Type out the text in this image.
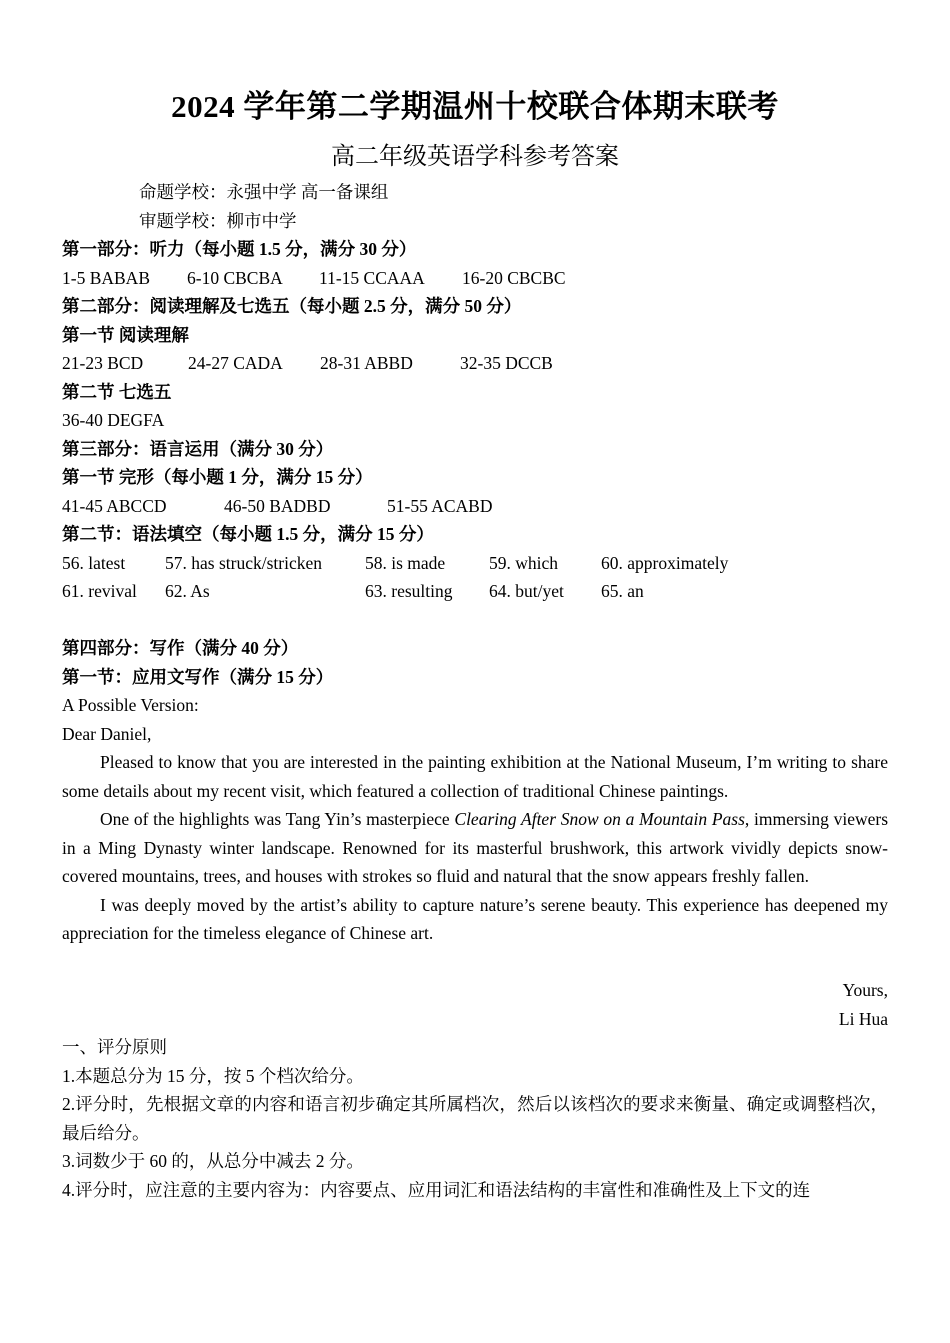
2024 学年第二学期温州十校联合体期末联考
高二年级英语学科参考答案
命题学校：永强中学 高一备课组
审题学校：柳市中学
第一部分：听力（每小题 1.5 分，满分 30 分）
1-5 BABAB	6-10 CBCBA	11-15 CCAAA	16-20 CBCBC
第二部分：阅读理解及七选五（每小题 2.5 分，满分 50 分）
第一节 阅读理解
21-23 BCD	24-27 CADA	28-31 ABBD	32-35 DCCB
第二节 七选五
36-40 DEGFA
第三部分：语言运用（满分 30 分）
第一节 完形（每小题 1 分，满分 15 分）
41-45 ABCCD	46-50 BADBD	51-55 ACABD
第二节：语法填空（每小题 1.5 分，满分 15 分）
56. latest	57. has struck/stricken	58. is made	59. which	60. approximately
61. revival	62. As	63. resulting	64. but/yet	65. an
第四部分：写作（满分 40 分）
第一节：应用文写作（满分 15 分）
A Possible Version:
Dear Daniel,

Pleased to know that you are interested in the painting exhibition at the National Museum, I’m writing to share some details about my recent visit, which featured a collection of traditional Chinese paintings.

One of the highlights was Tang Yin’s masterpiece Clearing After Snow on a Mountain Pass, immersing viewers in a Ming Dynasty winter landscape. Renowned for its masterful brushwork, this artwork vividly depicts snow-covered mountains, trees, and houses with strokes so fluid and natural that the snow appears freshly fallen.

I was deeply moved by the artist’s ability to capture nature’s serene beauty. This experience has deepened my appreciation for the timeless elegance of Chinese art.

Yours,
Li Hua
一、评分原则

1.本题总分为 15 分，按 5 个档次给分。

2.评分时，先根据文章的内容和语言初步确定其所属档次，然后以该档次的要求来衡量、确定或调整档次，最后给分。

3.词数少于 60 的，从总分中减去 2 分。

4.评分时，应注意的主要内容为：内容要点、应用词汇和语法结构的丰富性和准确性及上下文的连
